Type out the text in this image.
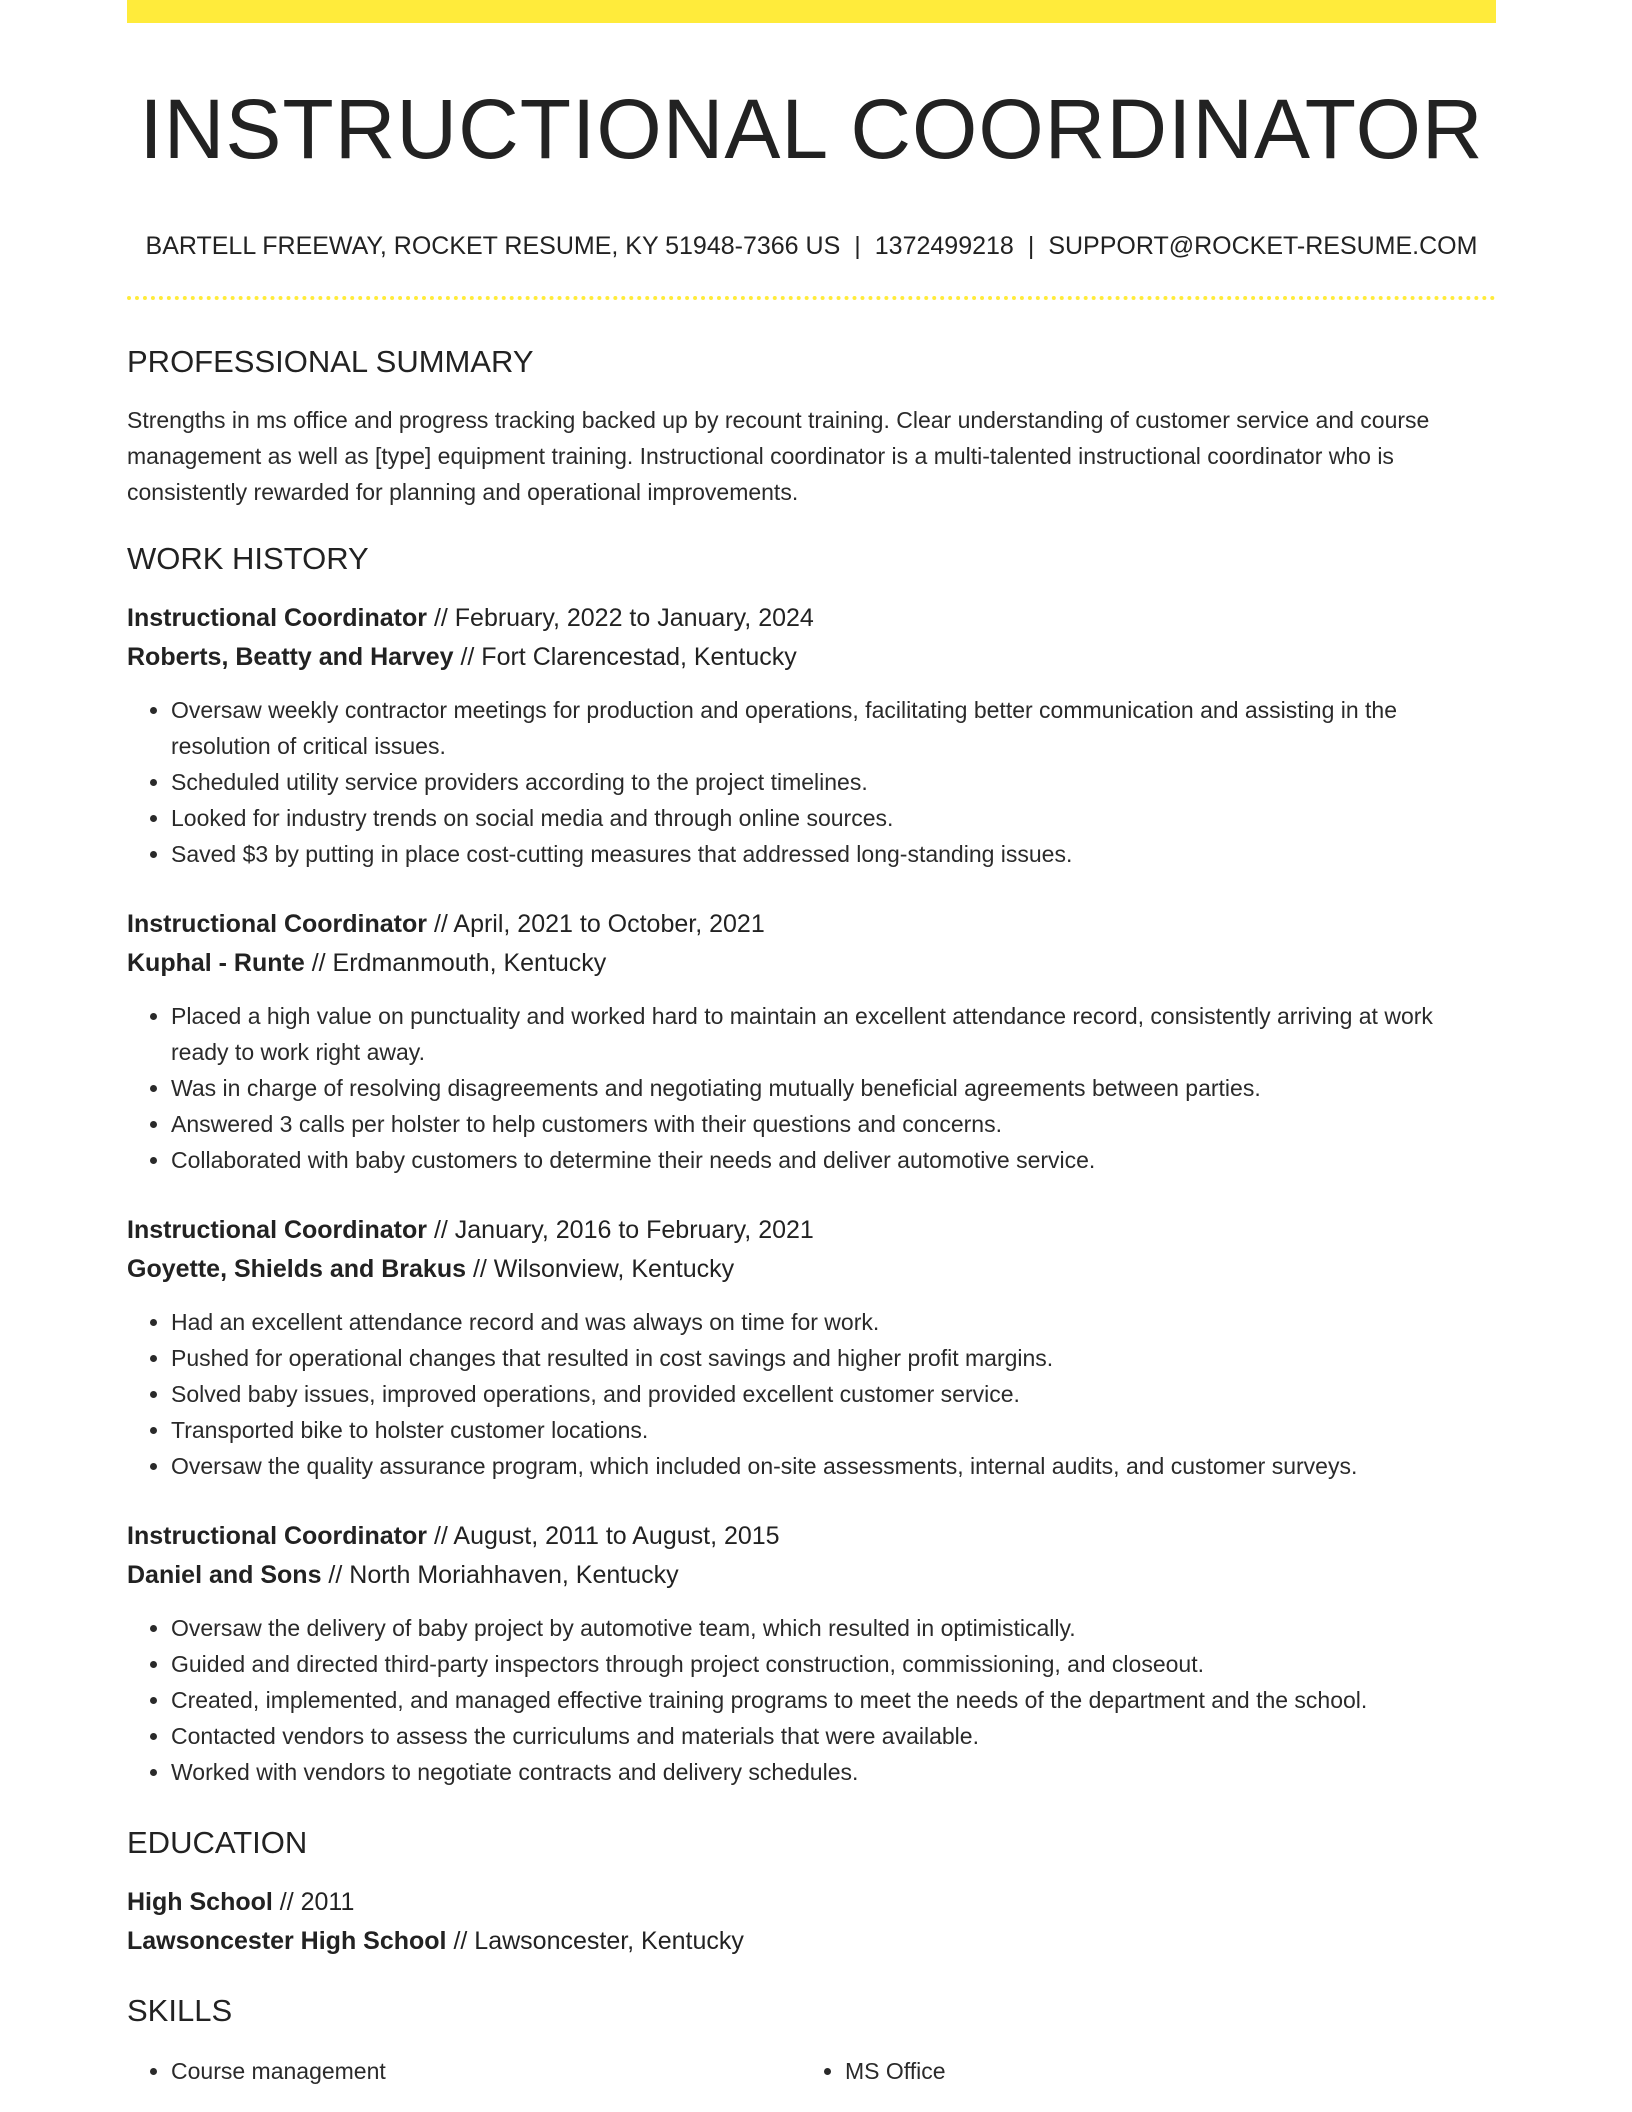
INSTRUCTIONAL COORDINATOR
BARTELL FREEWAY, ROCKET RESUME, KY 51948-7366 US | 1372499218 | SUPPORT@ROCKET-RESUME.COM
PROFESSIONAL SUMMARY

Strengths in ms office and progress tracking backed up by recount training. Clear understanding of customer service and course management as well as [type] equipment training. Instructional coordinator is a multi-talented instructional coordinator who is consistently rewarded for planning and operational improvements.

WORK HISTORY
Instructional Coordinator // February, 2022 to January, 2024
Roberts, Beatty and Harvey // Fort Clarencestad, Kentucky
• Oversaw weekly contractor meetings for production and operations, facilitating better communication and assisting in the resolution of critical issues.
• Scheduled utility service providers according to the project timelines.
• Looked for industry trends on social media and through online sources.
• Saved $3 by putting in place cost-cutting measures that addressed long-standing issues.
Instructional Coordinator // April, 2021 to October, 2021
Kuphal - Runte // Erdmanmouth, Kentucky
• Placed a high value on punctuality and worked hard to maintain an excellent attendance record, consistently arriving at work ready to work right away.
• Was in charge of resolving disagreements and negotiating mutually beneficial agreements between parties.
• Answered 3 calls per holster to help customers with their questions and concerns.
• Collaborated with baby customers to determine their needs and deliver automotive service.
Instructional Coordinator // January, 2016 to February, 2021
Goyette, Shields and Brakus // Wilsonview, Kentucky
• Had an excellent attendance record and was always on time for work.
• Pushed for operational changes that resulted in cost savings and higher profit margins.
• Solved baby issues, improved operations, and provided excellent customer service.
• Transported bike to holster customer locations.
• Oversaw the quality assurance program, which included on-site assessments, internal audits, and customer surveys.
Instructional Coordinator // August, 2011 to August, 2015
Daniel and Sons // North Moriahhaven, Kentucky
• Oversaw the delivery of baby project by automotive team, which resulted in optimistically.
• Guided and directed third-party inspectors through project construction, commissioning, and closeout.
• Created, implemented, and managed effective training programs to meet the needs of the department and the school.
• Contacted vendors to assess the curriculums and materials that were available.
• Worked with vendors to negotiate contracts and delivery schedules.
EDUCATION
High School // 2011
Lawsoncester High School // Lawsoncester, Kentucky
SKILLS
• Course management
•	MS Office
